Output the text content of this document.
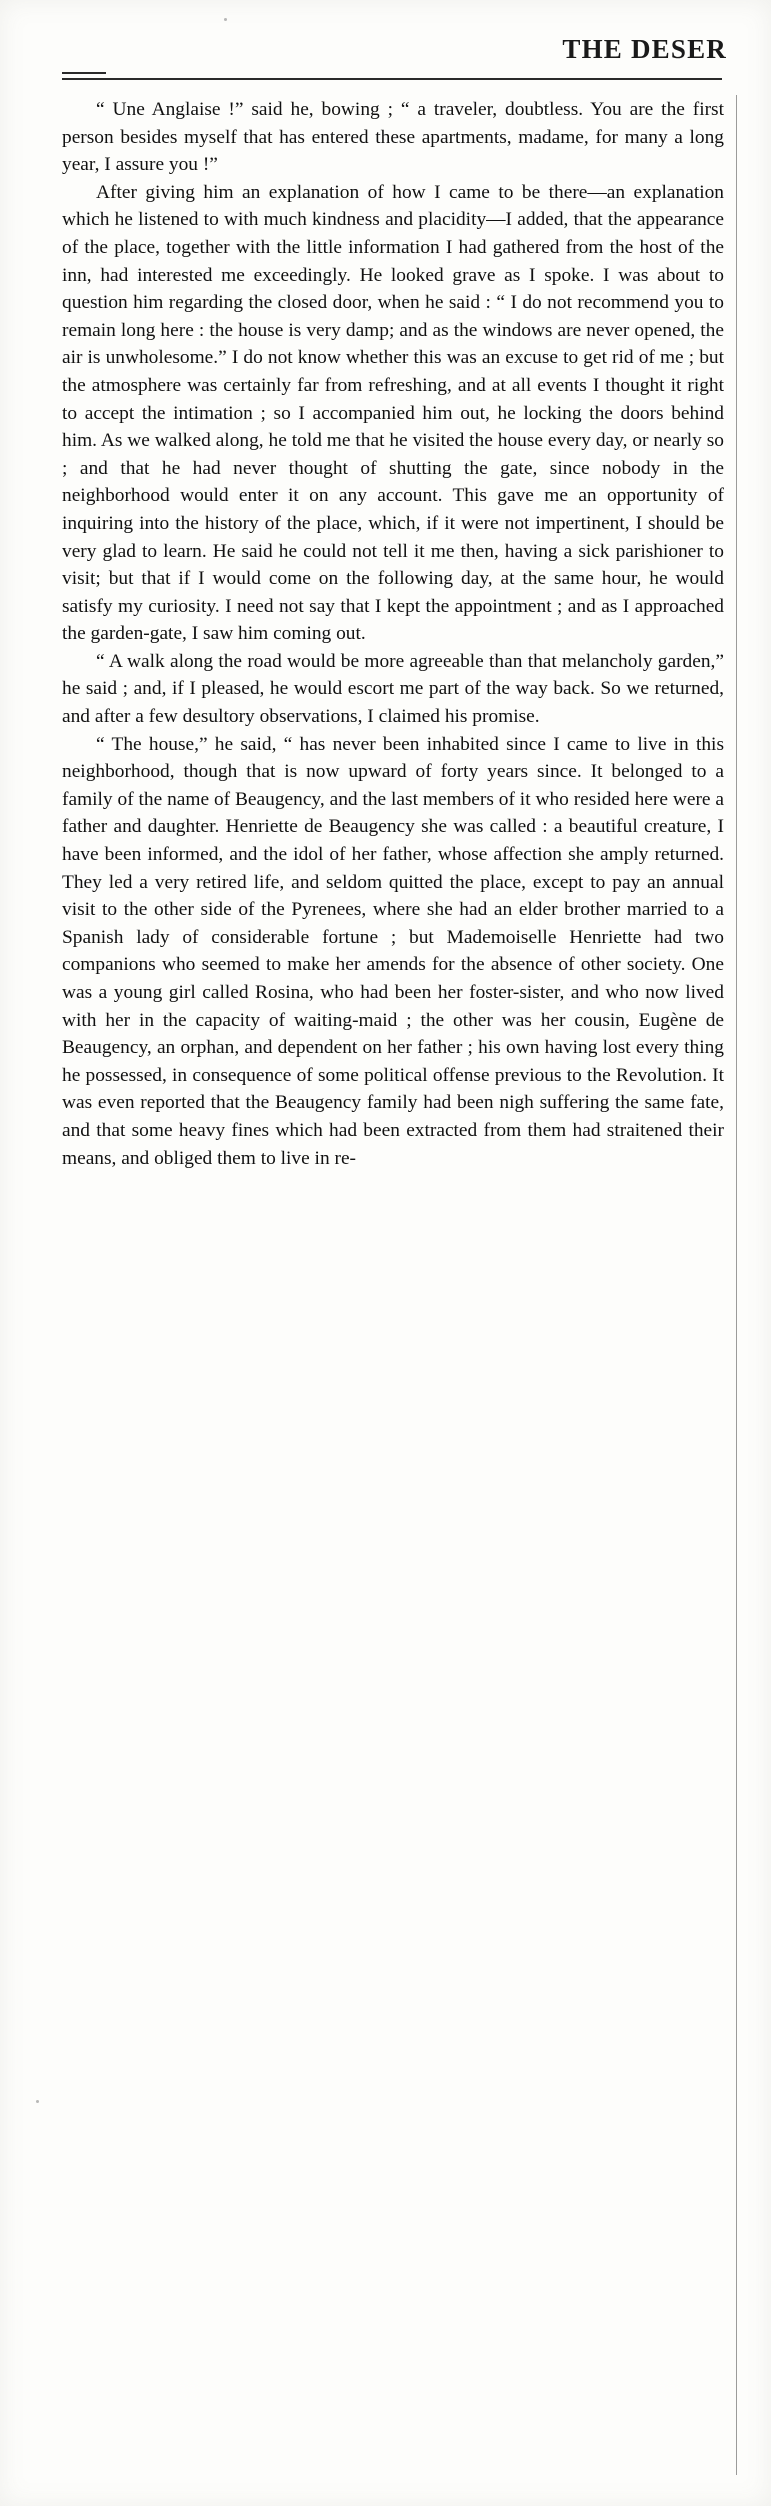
THE DESER

“ Une Anglaise !” said he, bowing ; “ a traveler, doubtless. You are the first person besides myself that has entered these apartments, madame, for many a long year, I assure you !”

After giving him an explanation of how I came to be there—an explanation which he listened to with much kindness and placidity—I added, that the appearance of the place, together with the little information I had gathered from the host of the inn, had interested me exceedingly. He looked grave as I spoke. I was about to question him regarding the closed door, when he said : “ I do not recommend you to remain long here : the house is very damp; and as the windows are never opened, the air is unwholesome.” I do not know whether this was an excuse to get rid of me ; but the atmosphere was certainly far from refreshing, and at all events I thought it right to accept the intimation ; so I accompanied him out, he locking the doors behind him. As we walked along, he told me that he visited the house every day, or nearly so ; and that he had never thought of shutting the gate, since nobody in the neighborhood would enter it on any account. This gave me an opportunity of inquiring into the history of the place, which, if it were not impertinent, I should be very glad to learn. He said he could not tell it me then, having a sick parishioner to visit; but that if I would come on the following day, at the same hour, he would satisfy my curiosity. I need not say that I kept the appointment ; and as I approached the garden-gate, I saw him coming out.

“ A walk along the road would be more agreeable than that melancholy garden,” he said ; and, if I pleased, he would escort me part of the way back. So we returned, and after a few desultory observations, I claimed his promise.

“ The house,” he said, “ has never been inhabited since I came to live in this neighborhood, though that is now upward of forty years since. It belonged to a family of the name of Beaugency, and the last members of it who resided here were a father and daughter. Henriette de Beaugency she was called : a beautiful creature, I have been informed, and the idol of her father, whose affection she amply returned. They led a very retired life, and seldom quitted the place, except to pay an annual visit to the other side of the Pyrenees, where she had an elder brother married to a Spanish lady of considerable fortune ; but Mademoiselle Henriette had two companions who seemed to make her amends for the absence of other society. One was a young girl called Rosina, who had been her foster-sister, and who now lived with her in the capacity of waiting-maid ; the other was her cousin, Eugène de Beaugency, an orphan, and dependent on her father ; his own having lost every thing he possessed, in consequence of some political offense previous to the Revolution. It was even reported that the Beaugency family had been nigh suffering the same fate, and that some heavy fines which had been extracted from them had straitened their means, and obliged them to live in re-
